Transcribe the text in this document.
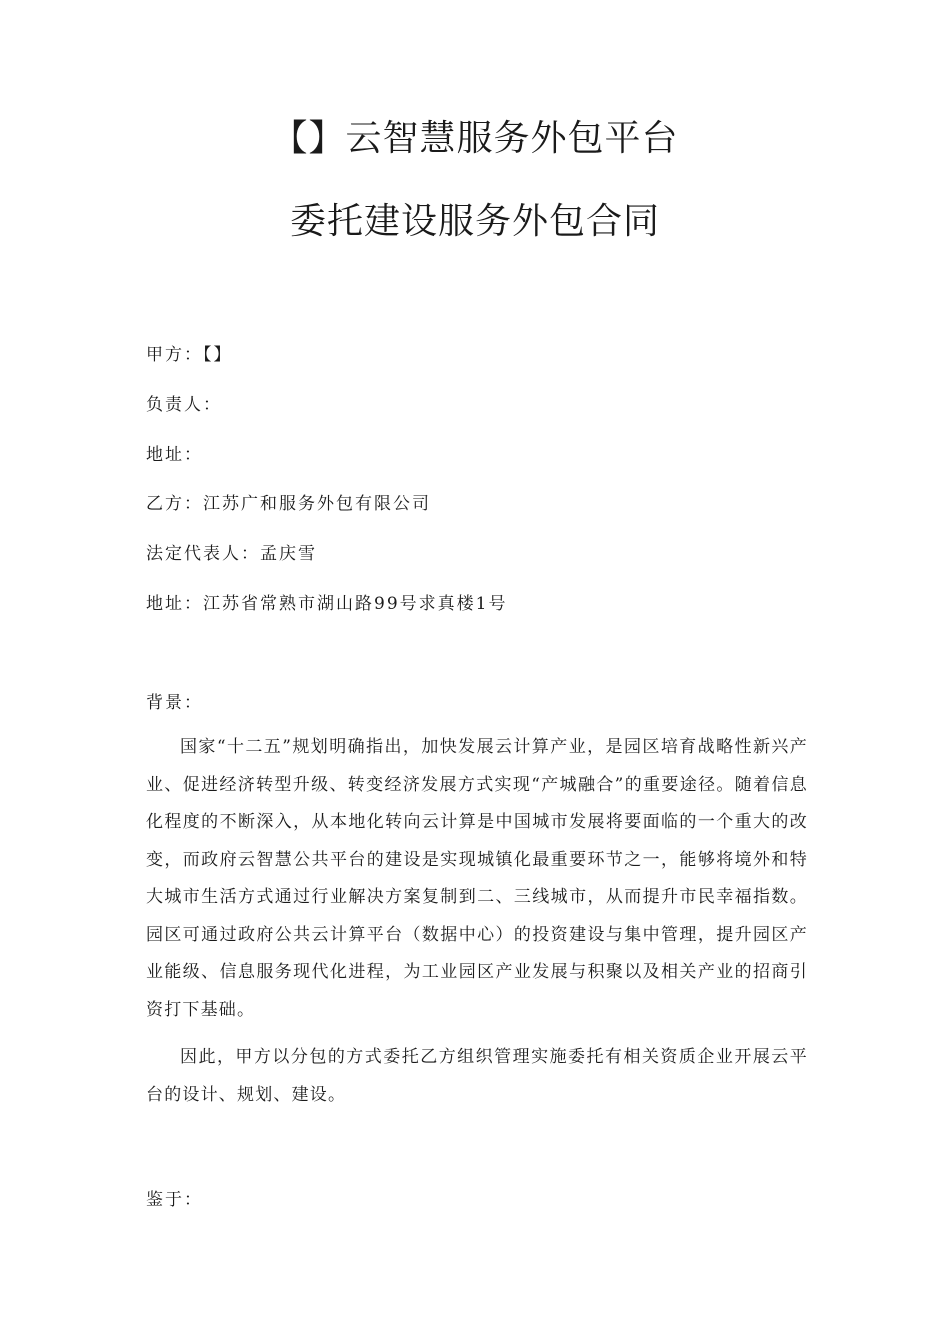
【】云智慧服务外包平台
委托建设服务外包合同

甲方：【】

负责人：

地址：

乙方：江苏广和服务外包有限公司

法定代表人：孟庆雪

地址：江苏省常熟市湖山路99号求真楼1号

背景：

国家“十二五”规划明确指出，加快发展云计算产业，是园区培育战略性新兴产业、促进经济转型升级、转变经济发展方式实现“产城融合”的重要途径。随着信息化程度的不断深入，从本地化转向云计算是中国城市发展将要面临的一个重大的改变，而政府云智慧公共平台的建设是实现城镇化最重要环节之一，能够将境外和特大城市生活方式通过行业解决方案复制到二、三线城市，从而提升市民幸福指数。园区可通过政府公共云计算平台（数据中心）的投资建设与集中管理，提升园区产业能级、信息服务现代化进程，为工业园区产业发展与积聚以及相关产业的招商引资打下基础。

因此，甲方以分包的方式委托乙方组织管理实施委托有相关资质企业开展云平台的设计、规划、建设。

鉴于：
